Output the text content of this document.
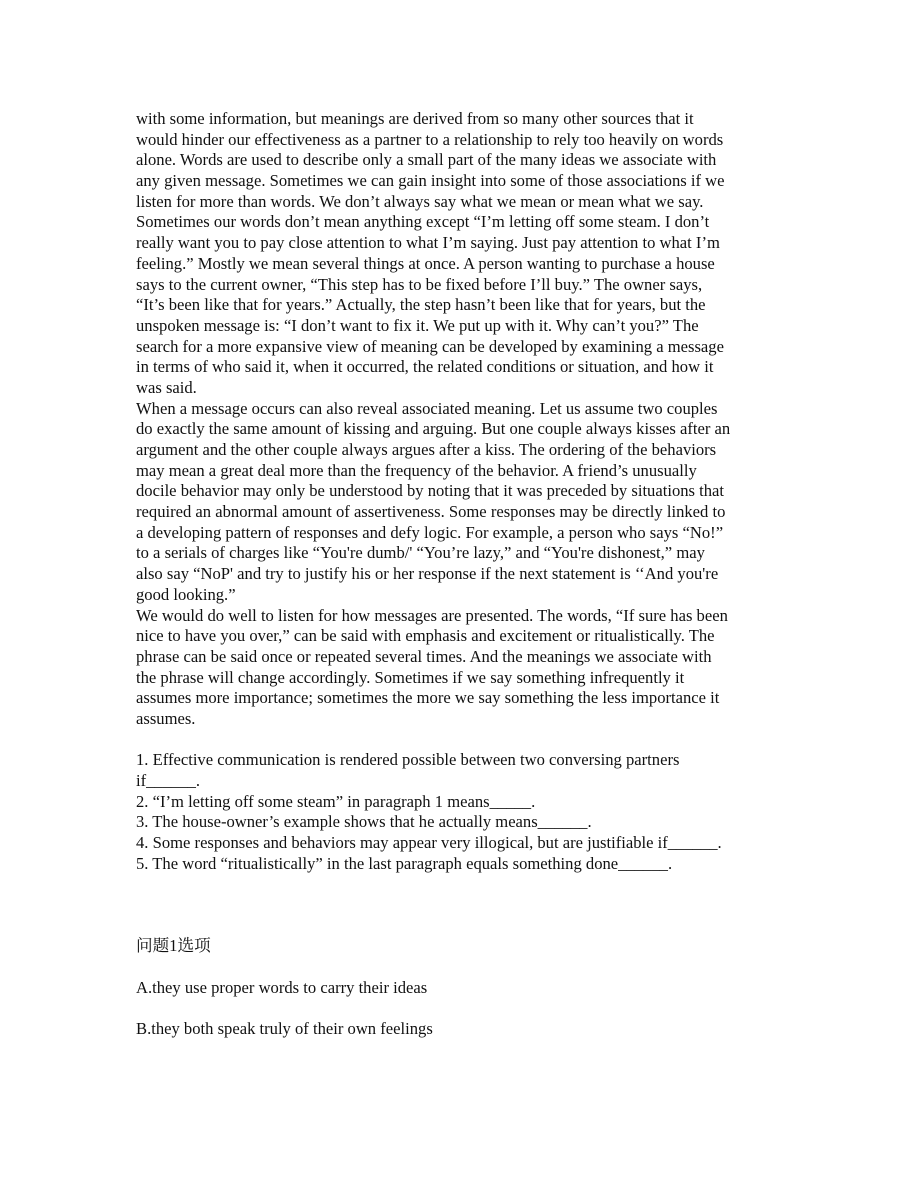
with some information, but meanings are derived from so many other sources that it
would hinder our effectiveness as a partner to a relationship to rely too heavily on words
alone. Words are used to describe only a small part of the many ideas we associate with
any given message. Sometimes we can gain insight into some of those associations if we
listen for more than words. We don’t always say what we mean or mean what we say.
Sometimes our words don’t mean anything except “I’m letting off some steam. I don’t
really want you to pay close attention to what I’m saying. Just pay attention to what I’m
feeling.” Mostly we mean several things at once. A person wanting to purchase a house
says to the current owner, “This step has to be fixed before I’ll buy.” The owner says,
“It’s been like that for years.” Actually, the step hasn’t been like that for years, but the
unspoken message is: “I don’t want to fix it. We put up with it. Why can’t you?” The
search for a more expansive view of meaning can be developed by examining a message
in terms of who said it, when it occurred, the related conditions or situation, and how it
was said.
When a message occurs can also reveal associated meaning. Let us assume two couples
do exactly the same amount of kissing and arguing. But one couple always kisses after an
argument and the other couple always argues after a kiss. The ordering of the behaviors
may mean a great deal more than the frequency of the behavior. A friend’s unusually
docile behavior may only be understood by noting that it was preceded by situations that
required an abnormal amount of assertiveness. Some responses may be directly linked to
a developing pattern of responses and defy logic. For example, a person who says “No!”
to a serials of charges like “You're dumb/' “You’re lazy,” and “You're dishonest,” may
also say “NoP' and try to justify his or her response if the next statement is ‘‘And you're
good looking.”
We would do well to listen for how messages are presented. The words, “If sure has been
nice to have you over,” can be said with emphasis and excitement or ritualistically. The
phrase can be said once or repeated several times. And the meanings we associate with
the phrase will change accordingly. Sometimes if we say something infrequently it
assumes more importance; sometimes the more we say something the less importance it
assumes.
1. Effective communication is rendered possible between two conversing partners
if______.
2. “I’m letting off some steam” in paragraph 1 means_____.
3. The house-owner’s example shows that he actually means______.
4. Some responses and behaviors may appear very illogical, but are justifiable if______.
5. The word “ritualistically” in the last paragraph equals something done______.
问题1选项
A.they use proper words to carry their ideas
B.they both speak truly of their own feelings
